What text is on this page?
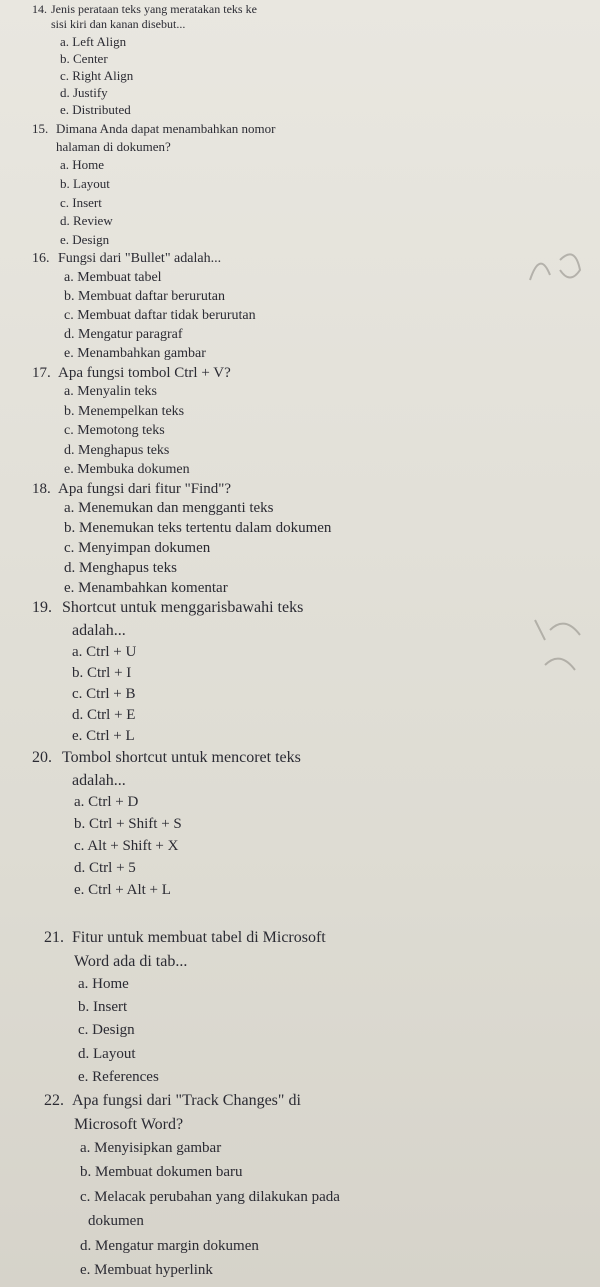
14. Jenis perataan teks yang meratakan teks ke
sisi kiri dan kanan disebut...
a. Left Align
b. Center
c. Right Align
d. Justify
e. Distributed
15. Dimana Anda dapat menambahkan nomor
halaman di dokumen?
a. Home
b. Layout
c. Insert
d. Review
e. Design
16. Fungsi dari "Bullet" adalah...
a. Membuat tabel
b. Membuat daftar berurutan
c. Membuat daftar tidak berurutan
d. Mengatur paragraf
e. Menambahkan gambar
17. Apa fungsi tombol Ctrl + V?
a. Menyalin teks
b. Menempelkan teks
c. Memotong teks
d. Menghapus teks
e. Membuka dokumen
18. Apa fungsi dari fitur "Find"?
a. Menemukan dan mengganti teks
b. Menemukan teks tertentu dalam dokumen
c. Menyimpan dokumen
d. Menghapus teks
e. Menambahkan komentar
19. Shortcut untuk menggarisbawahi teks
adalah...
a. Ctrl + U
b. Ctrl + I
c. Ctrl + B
d. Ctrl + E
e. Ctrl + L
20. Tombol shortcut untuk mencoret teks
adalah...
a. Ctrl + D
b. Ctrl + Shift + S
c. Alt + Shift + X
d. Ctrl + 5
e. Ctrl + Alt + L
21. Fitur untuk membuat tabel di Microsoft
Word ada di tab...
a. Home
b. Insert
c. Design
d. Layout
e. References
22. Apa fungsi dari "Track Changes" di
Microsoft Word?
a. Menyisipkan gambar
b. Membuat dokumen baru
c. Melacak perubahan yang dilakukan pada
dokumen
d. Mengatur margin dokumen
e. Membuat hyperlink
